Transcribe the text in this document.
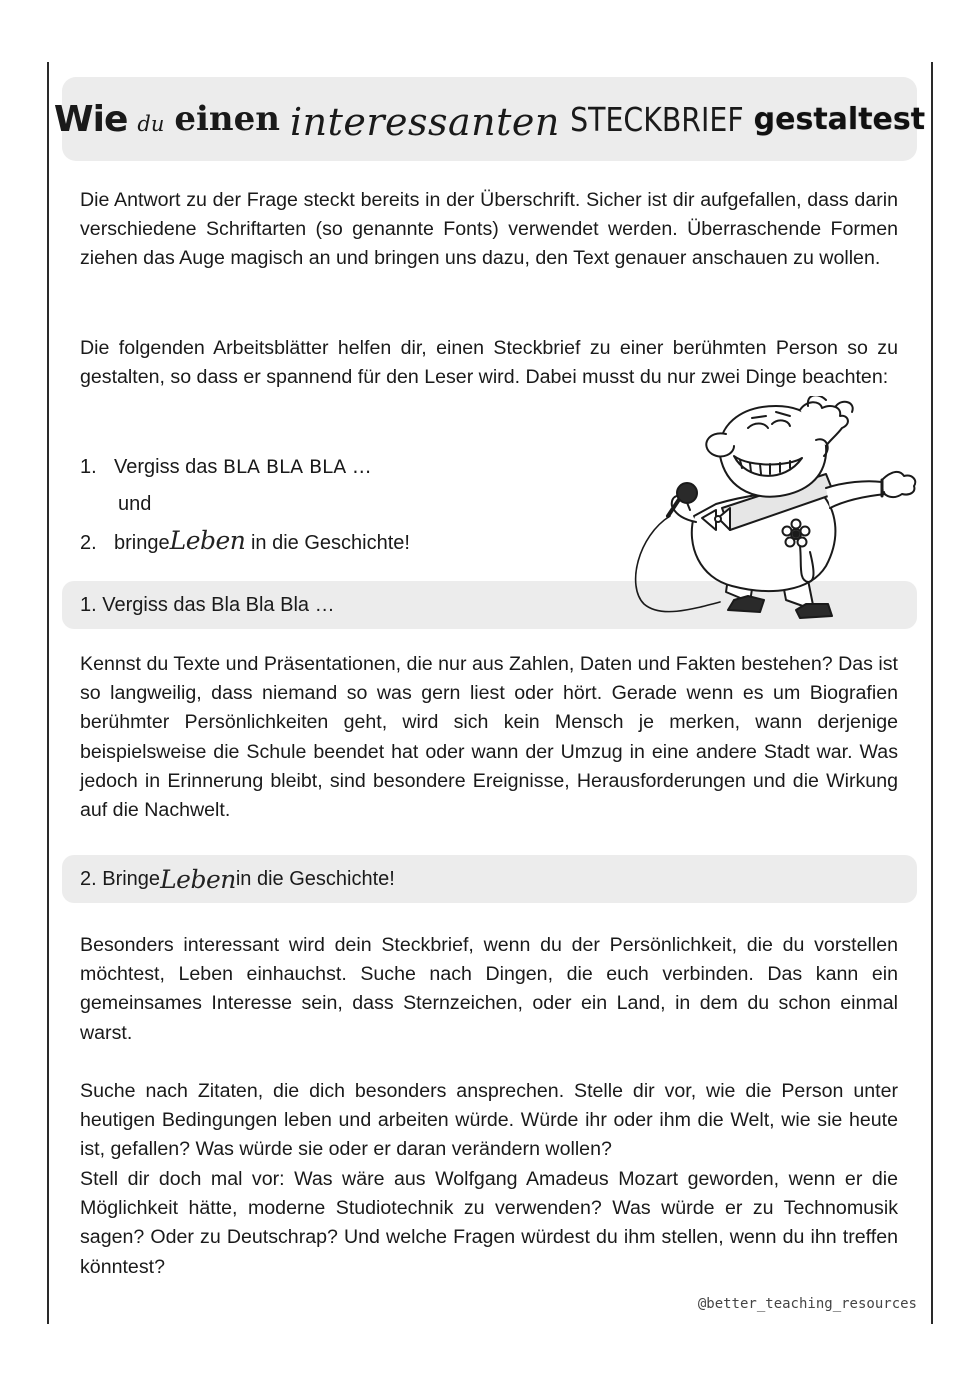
Wie du einen interessanten STECKBRIEF gestaltest

Die Antwort zu der Frage steckt bereits in der Überschrift. Sicher ist dir aufgefallen, dass darin verschiedene Schriftarten (so genannte Fonts) verwendet werden. Überraschende Formen ziehen das Auge magisch an und bringen uns dazu, den Text genauer anschauen zu wollen.

Die folgenden Arbeitsblätter helfen dir, einen Steckbrief zu einer berühmten Person so zu gestalten, so dass er spannend für den Leser wird. Dabei musst du nur zwei Dinge beachten:

1. Vergiss das BLA BLA BLA …
und
2. bringeLeben in die Geschichte!
1. Vergiss das Bla Bla Bla …

Kennst du Texte und Präsentationen, die nur aus Zahlen, Daten und Fakten bestehen? Das ist so langweilig, dass niemand so was gern liest oder hört. Gerade wenn es um Biografien berühmter Persönlichkeiten geht, wird sich kein Mensch je merken, wann derjenige beispielsweise die Schule beendet hat oder wann der Umzug in eine andere Stadt war. Was jedoch in Erinnerung bleibt, sind besondere Ereignisse, Herausforderungen und die Wirkung auf die Nachwelt.

2. Bringe Leben in die Geschichte!

Besonders interessant wird dein Steckbrief, wenn du der Persönlichkeit, die du vorstellen möchtest, Leben einhauchst. Suche nach Dingen, die euch verbinden. Das kann ein gemeinsames Interesse sein, dass Sternzeichen, oder ein Land, in dem du schon einmal warst.

Suche nach Zitaten, die dich besonders ansprechen. Stelle dir vor, wie die Person unter heutigen Bedingungen leben und arbeiten würde. Würde ihr oder ihm die Welt, wie sie heute ist, gefallen? Was würde sie oder er daran verändern wollen?

Stell dir doch mal vor: Was wäre aus Wolfgang Amadeus Mozart geworden, wenn er die Möglichkeit hätte, moderne Studiotechnik zu verwenden? Was würde er zu Technomusik sagen? Oder zu Deutschrap? Und welche Fragen würdest du ihm stellen, wenn du ihn treffen könntest?

@better_teaching_resources
